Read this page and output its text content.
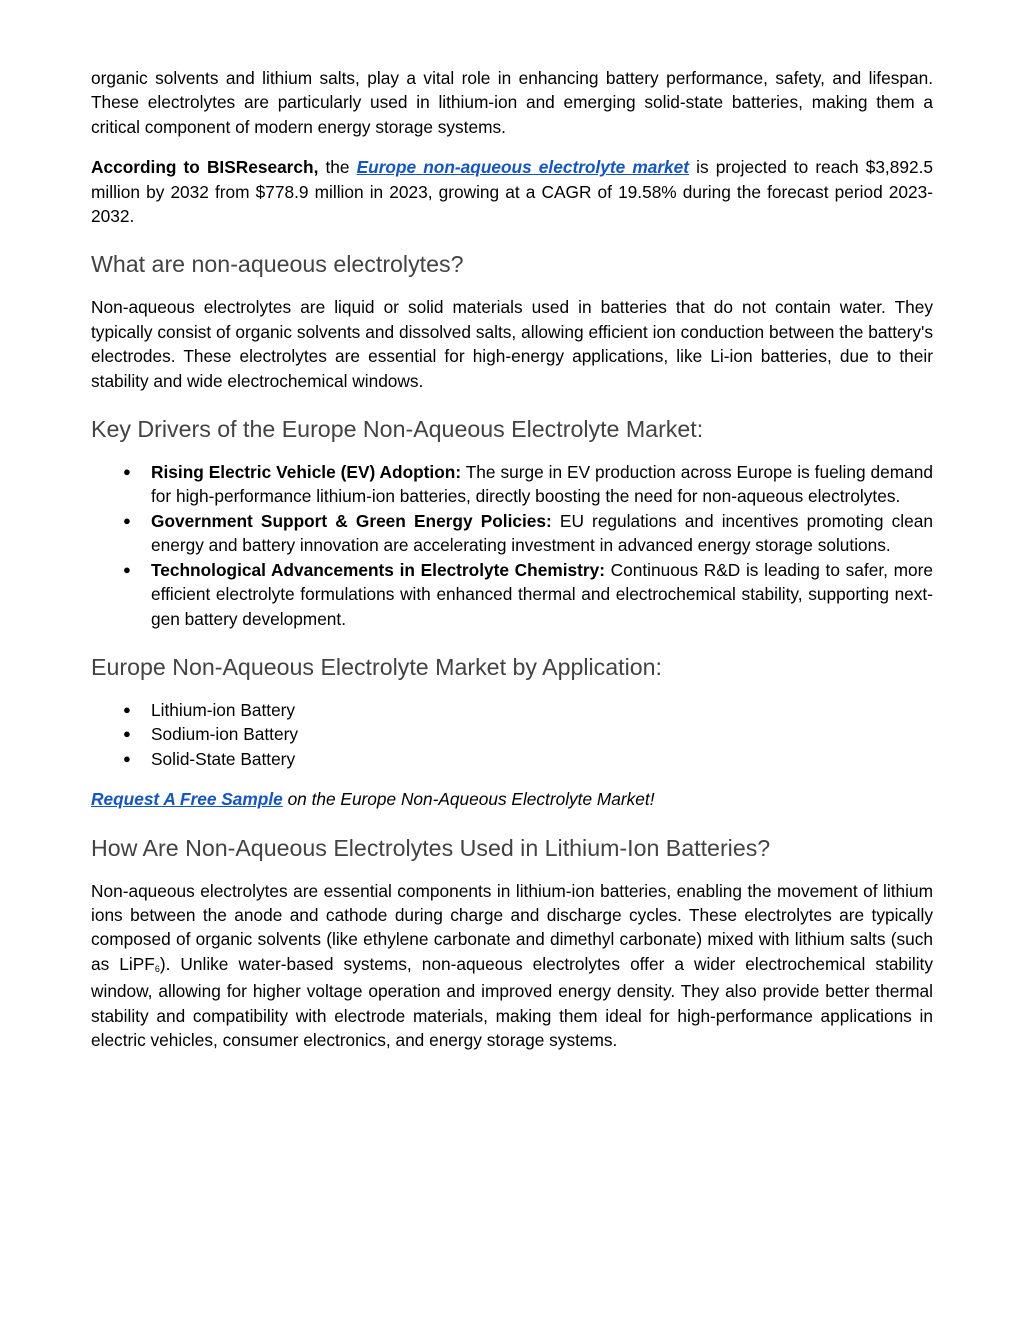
organic solvents and lithium salts, play a vital role in enhancing battery performance, safety, and lifespan. These electrolytes are particularly used in lithium-ion and emerging solid-state batteries, making them a critical component of modern energy storage systems.

According to BISResearch, the Europe non-aqueous electrolyte market is projected to reach $3,892.5 million by 2032 from $778.9 million in 2023, growing at a CAGR of 19.58% during the forecast period 2023-2032.

What are non-aqueous electrolytes?

Non-aqueous electrolytes are liquid or solid materials used in batteries that do not contain water. They typically consist of organic solvents and dissolved salts, allowing efficient ion conduction between the battery's electrodes. These electrolytes are essential for high-energy applications, like Li-ion batteries, due to their stability and wide electrochemical windows.

Key Drivers of the Europe Non-Aqueous Electrolyte Market:
● Rising Electric Vehicle (EV) Adoption: The surge in EV production across Europe is fueling demand for high-performance lithium-ion batteries, directly boosting the need for non-aqueous electrolytes.
● Government Support & Green Energy Policies: EU regulations and incentives promoting clean energy and battery innovation are accelerating investment in advanced energy storage solutions.
● Technological Advancements in Electrolyte Chemistry: Continuous R&D is leading to safer, more efficient electrolyte formulations with enhanced thermal and electrochemical stability, supporting next-gen battery development.
Europe Non-Aqueous Electrolyte Market by Application:
● Lithium-ion Battery
● Sodium-ion Battery
● Solid-State Battery

Request A Free Sample on the Europe Non-Aqueous Electrolyte Market!

How Are Non-Aqueous Electrolytes Used in Lithium-Ion Batteries?

Non-aqueous electrolytes are essential components in lithium-ion batteries, enabling the movement of lithium ions between the anode and cathode during charge and discharge cycles. These electrolytes are typically composed of organic solvents (like ethylene carbonate and dimethyl carbonate) mixed with lithium salts (such as LiPF$_6$). Unlike water-based systems, non-aqueous electrolytes offer a wider electrochemical stability window, allowing for higher voltage operation and improved energy density. They also provide better thermal stability and compatibility with electrode materials, making them ideal for high-performance applications in electric vehicles, consumer electronics, and energy storage systems.
